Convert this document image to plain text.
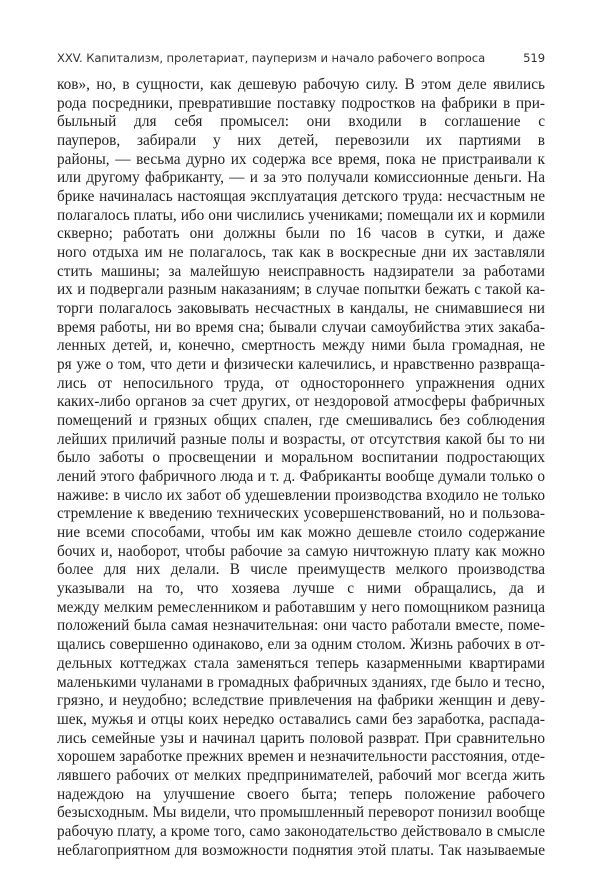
XXV. Капитализм, пролетариат, пауперизм и начало рабочего вопроса	519
ков», но, в сущности, как дешевую рабочую силу. В этом деле явились
рода посредники, превратившие поставку подростков на фабрики в при-
быльный для себя промысел: они входили в соглашение с
пауперов, забирали у них детей, перевозили их партиями в
районы, — весьма дурно их содержа все время, пока не пристраивали к
или другому фабриканту, — и за это получали комиссионные деньги. На
брике начиналась настоящая эксплуатация детского труда: несчастным не
полагалось платы, ибо они числились учениками; помещали их и кормили
скверно; работать они должны были по 16 часов в сутки, и даже
ного отдыха им не полагалось, так как в воскресные дни их заставляли
стить машины; за малейшую неисправность надзиратели за работами
их и подвергали разным наказаниям; в случае попытки бежать с такой ка-
торги полагалось заковывать несчастных в кандалы, не снимавшиеся ни
время работы, ни во время сна; бывали случаи самоубийства этих закаба-
ленных детей, и, конечно, смертность между ними была громадная, не
ря уже о том, что дети и физически калечились, и нравственно развраща-
лись от непосильного труда, от одностороннего упражнения одних
каких-либо органов за счет других, от нездоровой атмосферы фабричных
помещений и грязных общих спален, где смешивались без соблюдения
лейших приличий разные полы и возрасты, от отсутствия какой бы то ни
было заботы о просвещении и моральном воспитании подростающих
лений этого фабричного люда и т. д. Фабриканты вообще думали только о
наживе: в число их забот об удешевлении производства входило не только
стремление к введению технических усовершенствований, но и пользова-
ние всеми способами, чтобы им как можно дешевле стоило содержание
бочих и, наоборот, чтобы рабочие за самую ничтожную плату как можно
более для них делали. В числе преимуществ мелкого производства
указывали на то, что хозяева лучше с ними обращались, да и
между мелким ремесленником и работавшим у него помощником разница
положений была самая незначительная: они часто работали вместе, поме-
щались совершенно одинаково, ели за одним столом. Жизнь рабочих в от-
дельных коттеджах стала заменяться теперь казарменными квартирами
маленькими чуланами в громадных фабричных зданиях, где было и тесно,
грязно, и неудобно; вследствие привлечения на фабрики женщин и деву-
шек, мужья и отцы коих нередко оставались сами без заработка, распада-
лись семейные узы и начинал царить половой разврат. При сравнительно
хорошем заработке прежних времен и незначительности расстояния, отде-
лявшего рабочих от мелких предпринимателей, рабочий мог всегда жить
надеждою на улучшение своего быта; теперь положение рабочего
безысходным. Мы видели, что промышленный переворот понизил вообще
рабочую плату, а кроме того, само законодательство действовало в смысле
неблагоприятном для возможности поднятия этой платы. Так называемые
